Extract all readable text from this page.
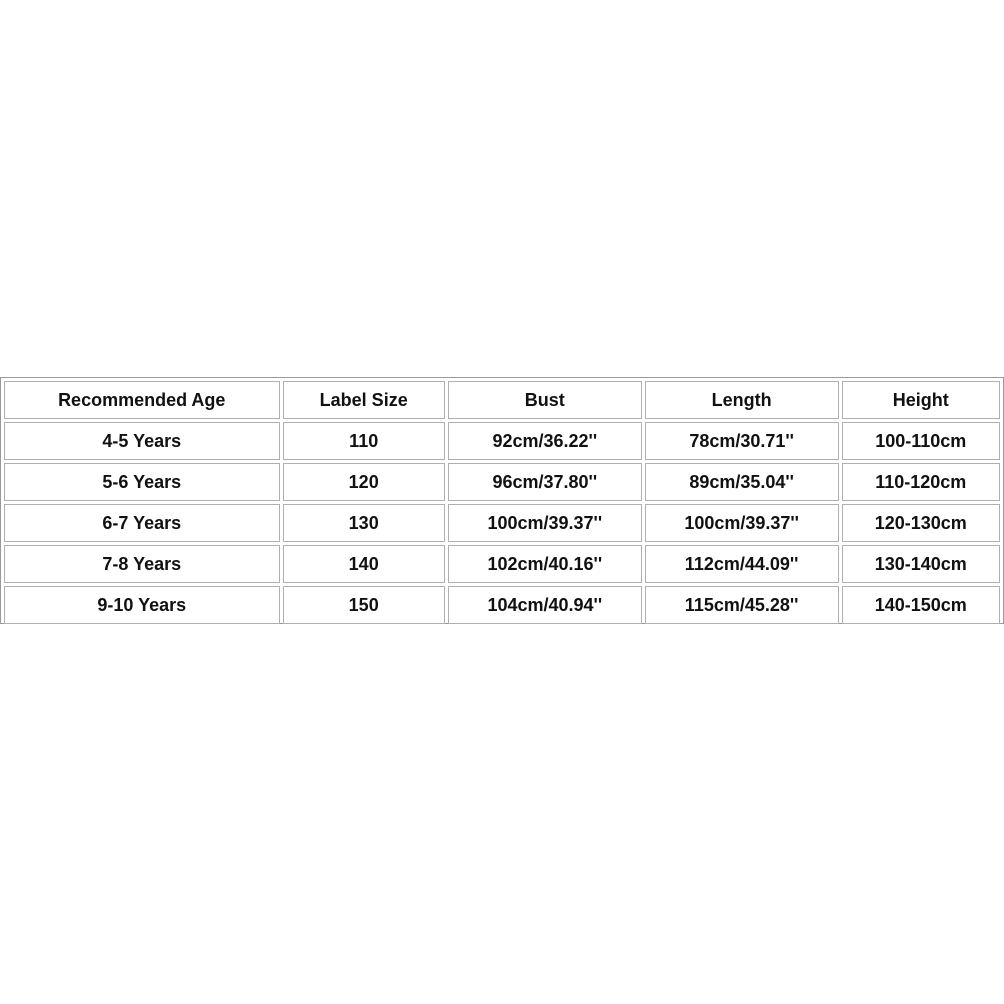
Recommended Age	Label Size	Bust	Length	Height
4-5 Years	110	92cm/36.22''	78cm/30.71''	100-110cm
5-6 Years	120	96cm/37.80''	89cm/35.04''	110-120cm
6-7 Years	130	100cm/39.37''	100cm/39.37''	120-130cm
7-8 Years	140	102cm/40.16''	112cm/44.09''	130-140cm
9-10 Years	150	104cm/40.94''	115cm/45.28''	140-150cm
